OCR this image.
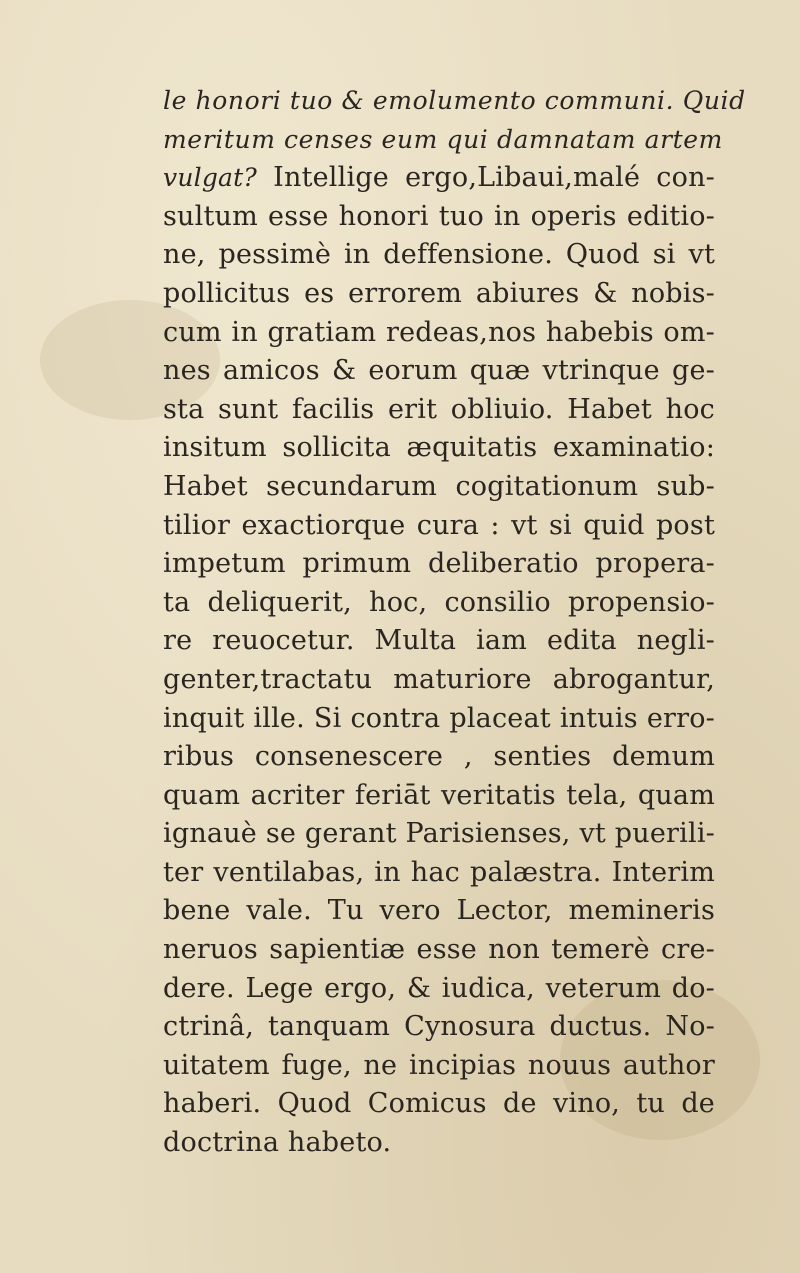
le honori tuo & emolumento communi. Quid
meritum censes eum qui damnatam artem
vulgat? Intellige ergo,Libaui,malé con-
sultum esse honori tuo in operis editio-
ne, pessimè in deffensione. Quod si vt
pollicitus es errorem abiures & nobis-
cum in gratiam redeas,nos habebis om-
nes amicos & eorum quæ vtrinque ge-
sta sunt facilis erit obliuio. Habet hoc
insitum sollicita æquitatis examinatio:
Habet secundarum cogitationum sub-
tilior exactiorque cura : vt si quid post
impetum primum deliberatio propera-
ta deliquerit, hoc, consilio propensio-
re reuocetur. Multa iam edita negli-
genter,tractatu maturiore abrogantur,
inquit ille. Si contra placeat intuis erro-
ribus consenescere , senties demum
quam acriter feriāt veritatis tela, quam
ignauè se gerant Parisienses, vt puerili-
ter ventilabas, in hac palæstra. Interim
bene vale. Tu vero Lector, memineris
neruos sapientiæ esse non temerè cre-
dere. Lege ergo, & iudica, veterum do-
ctrinâ, tanquam Cynosura ductus. No-
uitatem fuge, ne incipias nouus author
haberi. Quod Comicus de vino, tu de
doctrina habeto.
